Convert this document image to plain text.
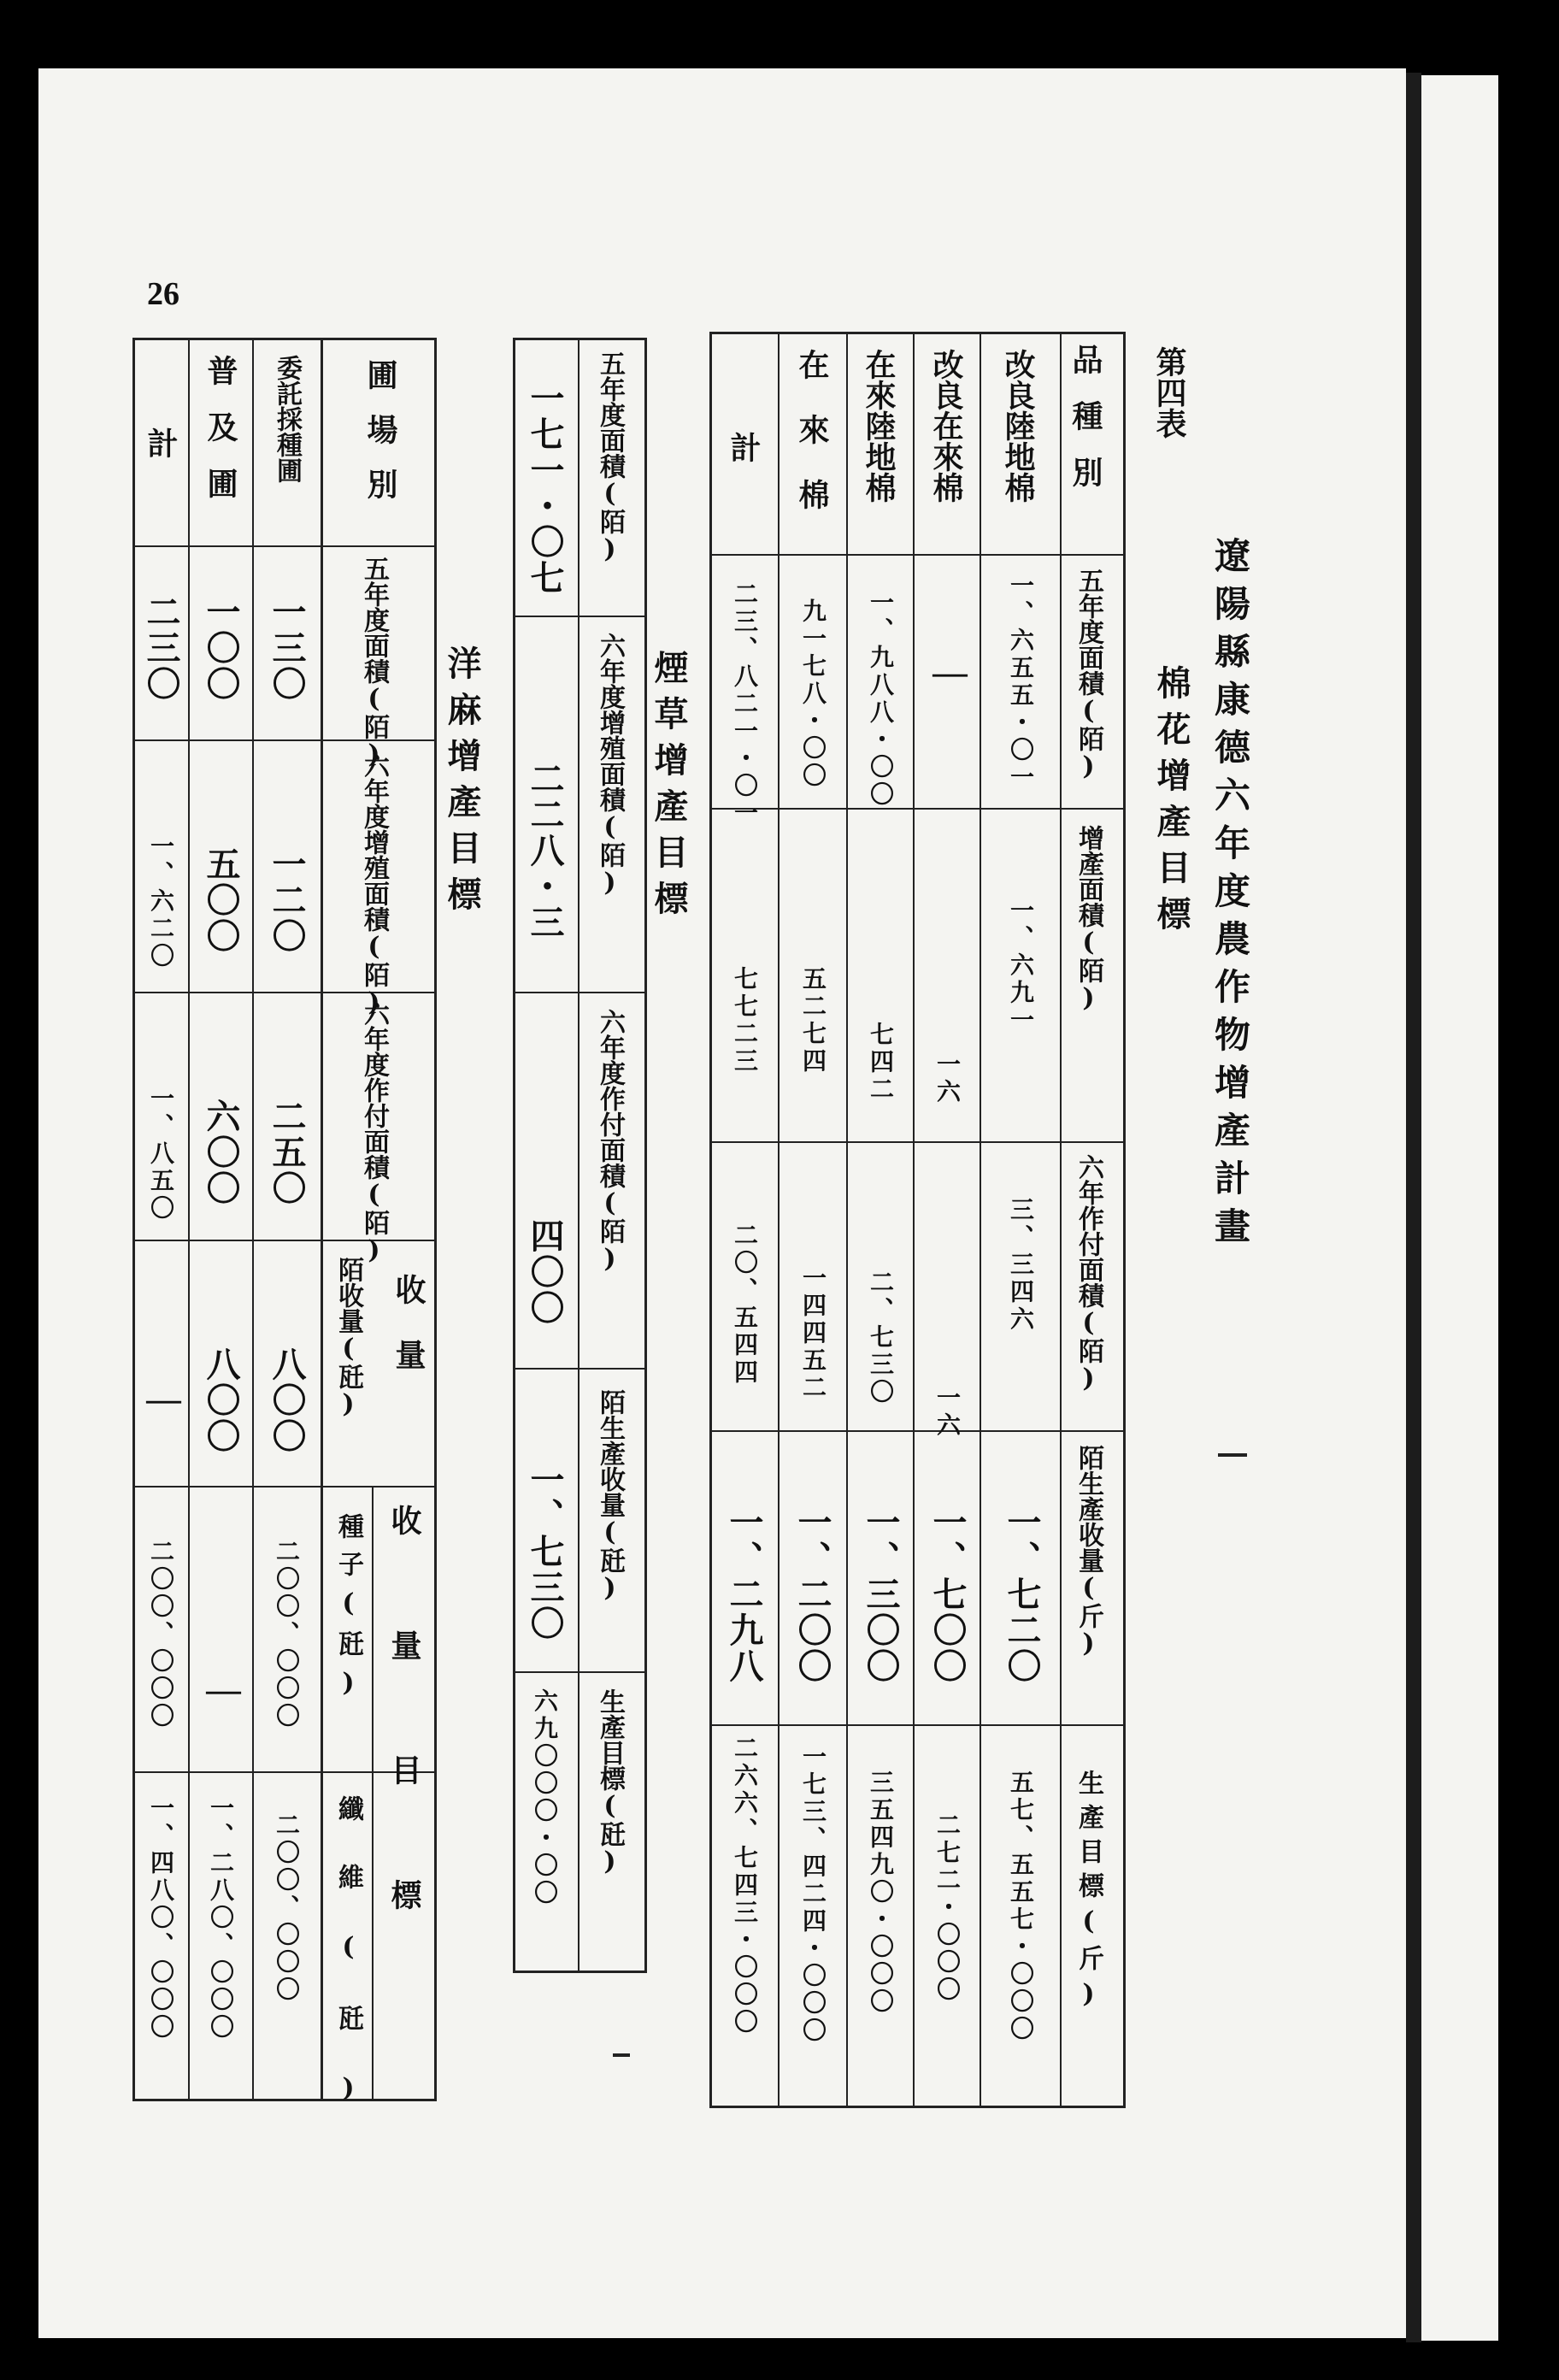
26
遼陽縣康德六年度農作物增產計畫
第四表
棉花增產目標
品種別
五年度面積(陌)
增產面積(陌)
六年作付面積(陌)
陌生產收量(斤)
生產目標(斤)
改良陸地棉
一、六五五・〇一
一、六九一
三、三四六
一、七二〇
五七、五五七・〇〇〇
改良在來棉
｜
一六
一六
一、七〇〇
二七二・〇〇〇
在來陸地棉
一、九八八・〇〇
七四二
二、七三〇
一、三〇〇
三五四九〇・〇〇〇
在來棉
九一七八・〇〇
五二七四
一四四五二
一、二〇〇
一七三、四二四・〇〇〇
計
二三、八二一・〇一
七七二三
二〇、五四四
一、二九八
二六六、七四三・〇〇〇
煙草增產目標
五年度面積(陌)
六年度增殖面積(陌)
六年度作付面積(陌)
陌生產收量(瓩)
生產目標(瓩)
一七一・〇七
二二八・三
四〇〇
一、七三〇
六九〇〇〇・〇〇
洋麻增產目標
圃場別
五年度面積(陌)
六年度增殖面積(陌)
六年度作付面積(陌)
收量
陌收量(瓩)
收量目標
種子(瓩)
纖維(瓩)
委託採種圃
一三〇
一二〇
二五〇
八〇〇
二〇〇、〇〇〇
二〇〇、〇〇〇
普及圃
一〇〇
五〇〇
六〇〇
八〇〇
｜
一、二八〇、〇〇〇
計
二三〇
一、六二〇
一、八五〇
｜
二〇〇、〇〇〇
一、四八〇、〇〇〇
